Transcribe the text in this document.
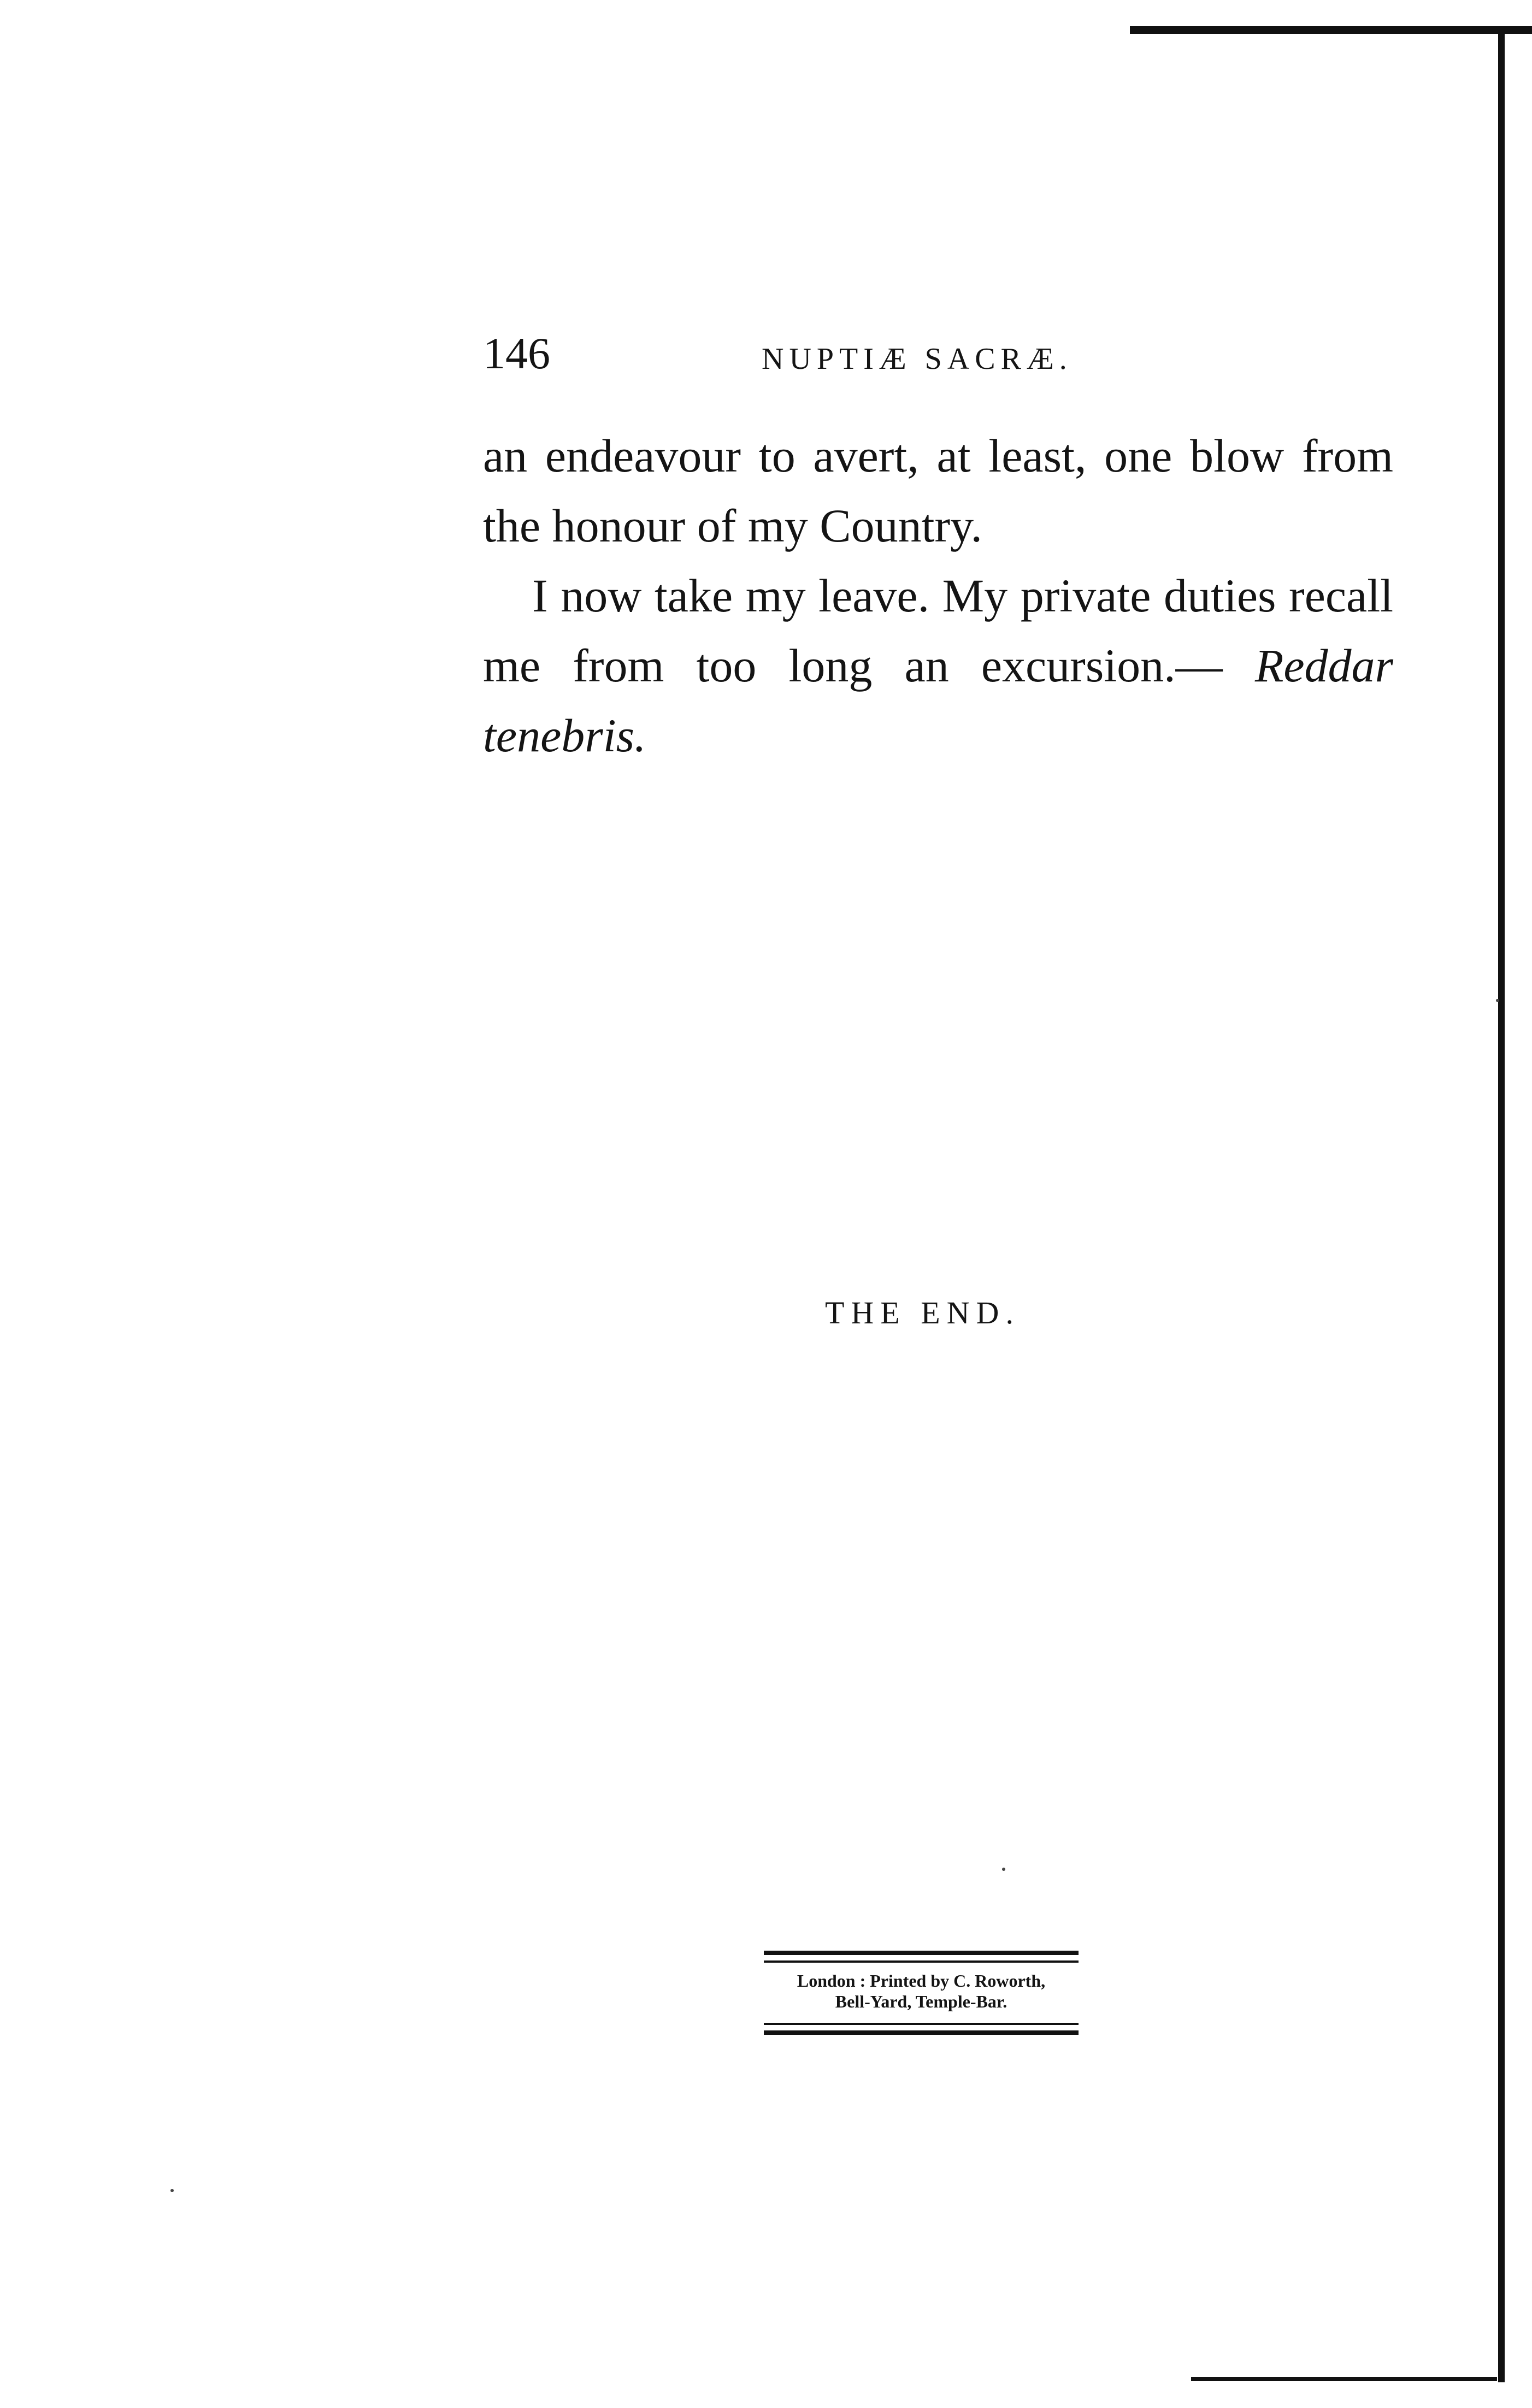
146	NUPTIÆ SACRÆ.

an endeavour to avert, at least, one blow from the honour of my Country.

I now take my leave. My private duties recall me from too long an excursion.— Reddar tenebris.

THE END.
London : Printed by C. Roworth,
Bell-Yard, Temple-Bar.
